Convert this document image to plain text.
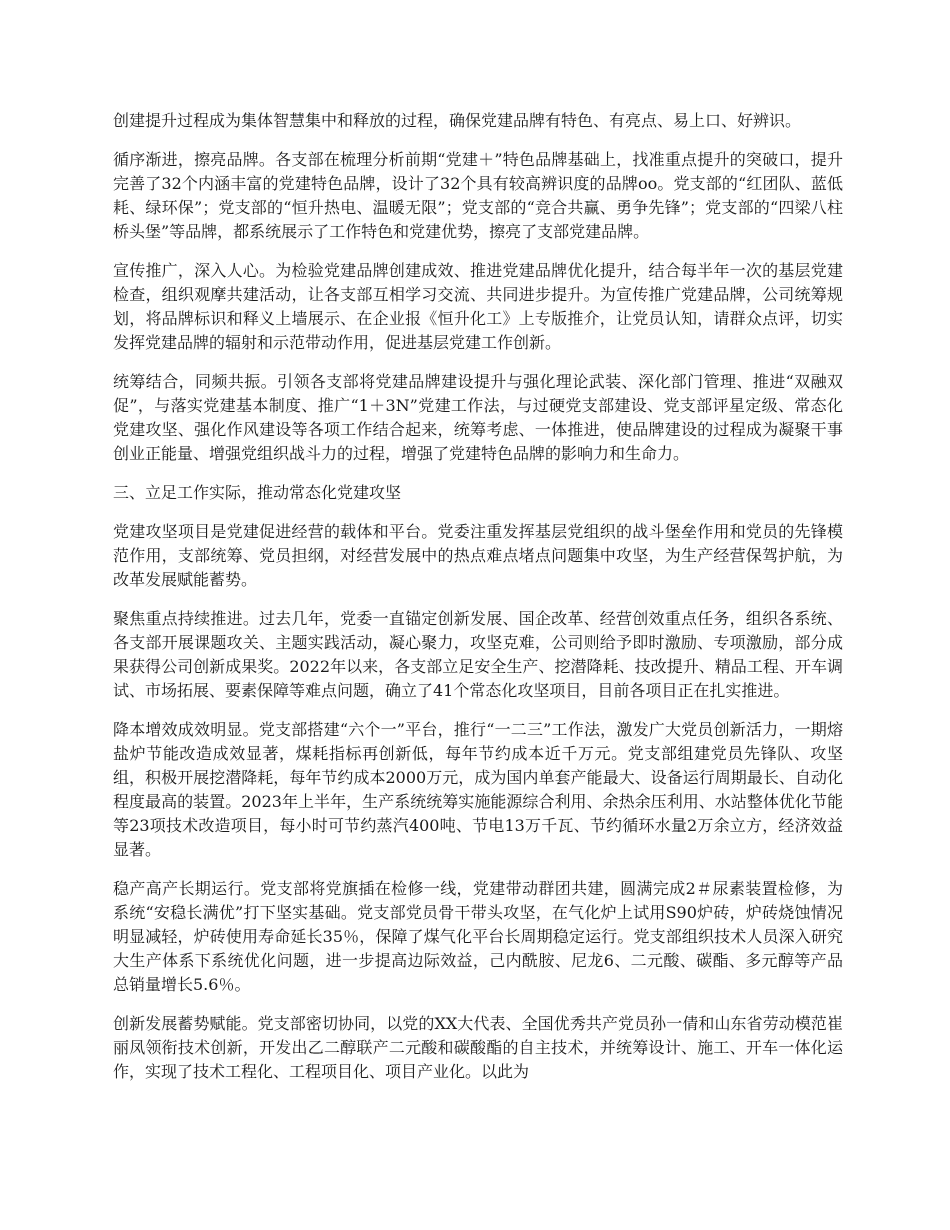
创建提升过程成为集体智慧集中和释放的过程，确保党建品牌有特色、有亮点、易上口、好辨识。

循序渐进，擦亮品牌。各支部在梳理分析前期“党建＋”特色品牌基础上，找准重点提升的突破口，提升完善了32个内涵丰富的党建特色品牌，设计了32个具有较高辨识度的品牌oo。党支部的“红团队、蓝低耗、绿环保”；党支部的“恒升热电、温暖无限”；党支部的“竞合共赢、勇争先锋”；党支部的“四梁八柱桥头堡”等品牌，都系统展示了工作特色和党建优势，擦亮了支部党建品牌。

宣传推广，深入人心。为检验党建品牌创建成效、推进党建品牌优化提升，结合每半年一次的基层党建检查，组织观摩共建活动，让各支部互相学习交流、共同进步提升。为宣传推广党建品牌，公司统筹规划，将品牌标识和释义上墙展示、在企业报《恒升化工》上专版推介，让党员认知，请群众点评，切实发挥党建品牌的辐射和示范带动作用，促进基层党建工作创新。

统筹结合，同频共振。引领各支部将党建品牌建设提升与强化理论武装、深化部门管理、推进“双融双促”，与落实党建基本制度、推广“1＋3N”党建工作法，与过硬党支部建设、党支部评星定级、常态化党建攻坚、强化作风建设等各项工作结合起来，统筹考虑、一体推进，使品牌建设的过程成为凝聚干事创业正能量、增强党组织战斗力的过程，增强了党建特色品牌的影响力和生命力。

三、立足工作实际，推动常态化党建攻坚

党建攻坚项目是党建促进经营的载体和平台。党委注重发挥基层党组织的战斗堡垒作用和党员的先锋模范作用，支部统筹、党员担纲，对经营发展中的热点难点堵点问题集中攻坚，为生产经营保驾护航，为改革发展赋能蓄势。

聚焦重点持续推进。过去几年，党委一直锚定创新发展、国企改革、经营创效重点任务，组织各系统、各支部开展课题攻关、主题实践活动，凝心聚力，攻坚克难，公司则给予即时激励、专项激励，部分成果获得公司创新成果奖。2022年以来，各支部立足安全生产、挖潜降耗、技改提升、精品工程、开车调试、市场拓展、要素保障等难点问题，确立了41个常态化攻坚项目，目前各项目正在扎实推进。

降本增效成效明显。党支部搭建“六个一”平台，推行“一二三”工作法，激发广大党员创新活力，一期熔盐炉节能改造成效显著，煤耗指标再创新低，每年节约成本近千万元。党支部组建党员先锋队、攻坚组，积极开展挖潜降耗，每年节约成本2000万元，成为国内单套产能最大、设备运行周期最长、自动化程度最高的装置。2023年上半年，生产系统统筹实施能源综合利用、余热余压利用、水站整体优化节能等23项技术改造项目，每小时可节约蒸汽400吨、节电13万千瓦、节约循环水量2万余立方，经济效益显著。

稳产高产长期运行。党支部将党旗插在检修一线，党建带动群团共建，圆满完成2＃尿素装置检修，为系统“安稳长满优”打下坚实基础。党支部党员骨干带头攻坚，在气化炉上试用S90炉砖，炉砖烧蚀情况明显减轻，炉砖使用寿命延长35％，保障了煤气化平台长周期稳定运行。党支部组织技术人员深入研究大生产体系下系统优化问题，进一步提高边际效益，己内酰胺、尼龙6、二元酸、碳酯、多元醇等产品总销量增长5.6％。

创新发展蓄势赋能。党支部密切协同，以党的XX大代表、全国优秀共产党员孙一倩和山东省劳动模范崔丽凤领衔技术创新，开发出乙二醇联产二元酸和碳酸酯的自主技术，并统筹设计、施工、开车一体化运作，实现了技术工程化、工程项目化、项目产业化。以此为
